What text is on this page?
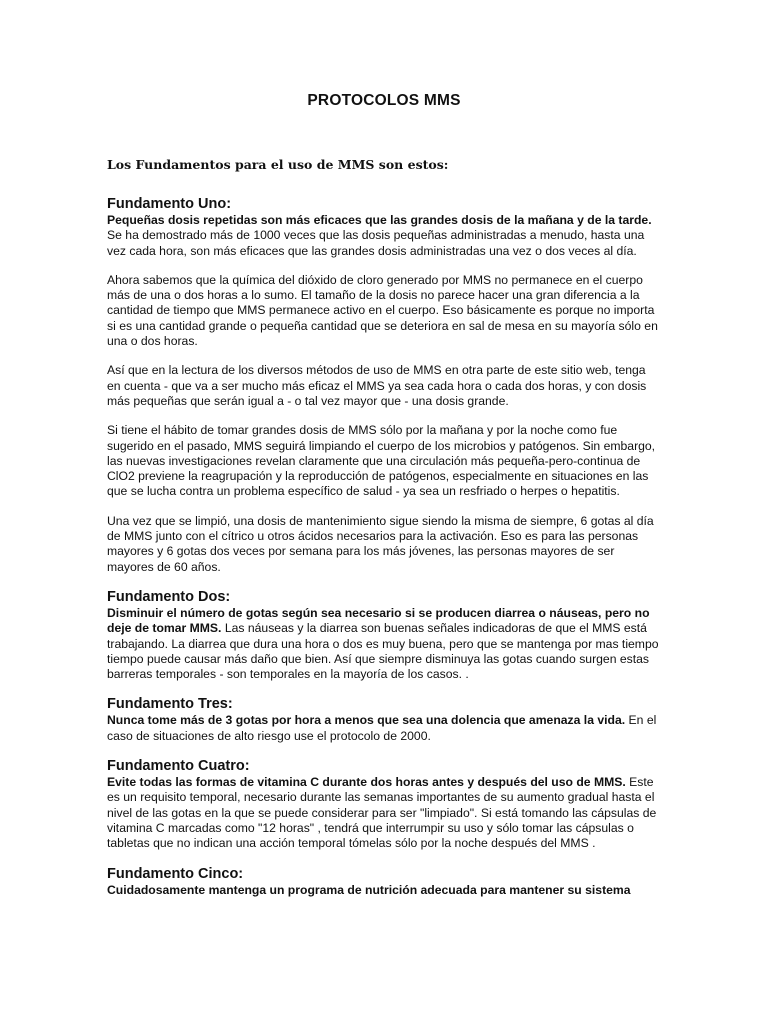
PROTOCOLOS MMS
Los Fundamentos para el uso de MMS son estos:

Fundamento Uno:

Pequeñas dosis repetidas son más eficaces que las grandes dosis de la mañana y de la tarde. Se ha demostrado más de 1000 veces que las dosis pequeñas administradas a menudo, hasta una vez cada hora, son más eficaces que las grandes dosis administradas una vez o dos veces al día.

Ahora sabemos que la química del dióxido de cloro generado por MMS no permanece en el cuerpo más de una o dos horas a lo sumo. El tamaño de la dosis no parece hacer una gran diferencia a la cantidad de tiempo que MMS permanece activo en el cuerpo. Eso básicamente es porque no importa si es una cantidad grande o pequeña cantidad que se deteriora en sal de mesa en su mayoría sólo en una o dos horas.

Así que en la lectura de los diversos métodos de uso de MMS en otra parte de este sitio web, tenga en cuenta - que va a ser mucho más eficaz el MMS ya sea cada hora o cada dos horas, y con dosis más pequeñas que serán igual a - o tal vez mayor que - una dosis grande.

Si tiene el hábito de tomar grandes dosis de MMS sólo por la mañana y por la noche como fue sugerido en el pasado, MMS seguirá limpiando el cuerpo de los microbios y patógenos. Sin embargo, las nuevas investigaciones revelan claramente que una circulación más pequeña-pero-continua de ClO2 previene la reagrupación y la reproducción de patógenos, especialmente en situaciones en las que se lucha contra un problema específico de salud - ya sea un resfriado o herpes o hepatitis.

Una vez que se limpió, una dosis de mantenimiento sigue siendo la misma de siempre, 6 gotas al día de MMS junto con el cítrico u otros ácidos necesarios para la activación. Eso es para las personas mayores y 6 gotas dos veces por semana para los más jóvenes, las personas mayores de ser mayores de 60 años.

Fundamento Dos:

Disminuir el número de gotas según sea necesario si se producen diarrea o náuseas, pero no deje de tomar MMS. Las náuseas y la diarrea son buenas señales indicadoras de que el MMS está trabajando. La diarrea que dura una hora o dos es muy buena, pero que se mantenga por mas tiempo tiempo puede causar más daño que bien. Así que siempre disminuya las gotas cuando surgen estas barreras temporales - son temporales en la mayoría de los casos. .

Fundamento Tres:

Nunca tome más de 3 gotas por hora a menos que sea una dolencia que amenaza la vida. En el caso de situaciones de alto riesgo use el protocolo de 2000.

Fundamento Cuatro:

Evite todas las formas de vitamina C durante dos horas antes y después del uso de MMS. Este es un requisito temporal, necesario durante las semanas importantes de su aumento gradual hasta el nivel de las gotas en la que se puede considerar para ser "limpiado". Si está tomando las cápsulas de vitamina C marcadas como "12 horas" , tendrá que interrumpir su uso y sólo tomar las cápsulas o tabletas que no indican una acción temporal tómelas sólo por la noche después del MMS .

Fundamento Cinco:

Cuidadosamente mantenga un programa de nutrición adecuada para mantener su sistema
